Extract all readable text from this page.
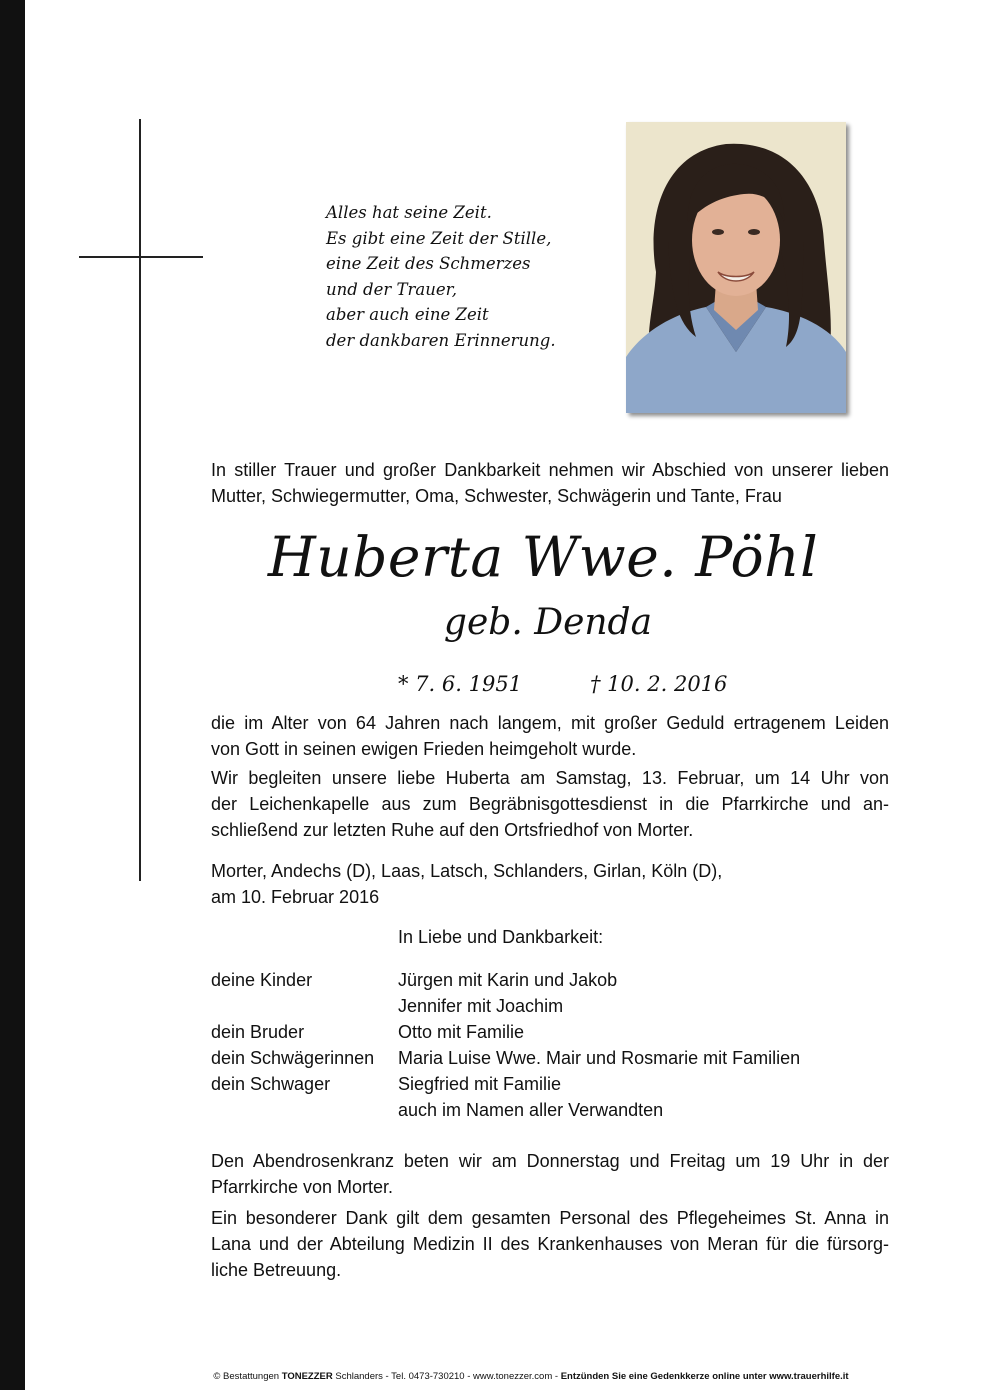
Alles hat seine Zeit.
Es gibt eine Zeit der Stille,
eine Zeit des Schmerzes
und der Trauer,
aber auch eine Zeit
der dankbaren Erinnerung.
In stiller Trauer und großer Dankbarkeit nehmen wir Abschied von unserer lieben
Mutter, Schwiegermutter, Oma, Schwester, Schwägerin und Tante, Frau
Huberta Wwe. Pöhl
geb. Denda
* 7. 6. 1951	† 10. 2. 2016
die im Alter von 64 Jahren nach langem, mit großer Geduld ertragenem Leiden
von Gott in seinen ewigen Frieden heimgeholt wurde.
Wir begleiten unsere liebe Huberta am Samstag, 13. Februar, um 14 Uhr von
der Leichenkapelle aus zum Begräbnisgottesdienst in die Pfarrkirche und an-
schließend zur letzten Ruhe auf den Ortsfriedhof von Morter.
Morter, Andechs (D), Laas, Latsch, Schlanders, Girlan, Köln (D),
am 10. Februar 2016
In Liebe und Dankbarkeit:
deine Kinder	Jürgen mit Karin und Jakob
Jennifer mit Joachim
dein Bruder	Otto mit Familie
dein Schwägerinnen	Maria Luise Wwe. Mair und Rosmarie mit Familien
dein Schwager	Siegfried mit Familie
auch im Namen aller Verwandten
Den Abendrosenkranz beten wir am Donnerstag und Freitag um 19 Uhr in der
Pfarrkirche von Morter.
Ein besonderer Dank gilt dem gesamten Personal des Pflegeheimes St. Anna in
Lana und der Abteilung Medizin II des Krankenhauses von Meran für die fürsorg-
liche Betreuung.
© Bestattungen TONEZZER Schlanders - Tel. 0473-730210 - www.tonezzer.com - Entzünden Sie eine Gedenkkerze online unter www.trauerhilfe.it
